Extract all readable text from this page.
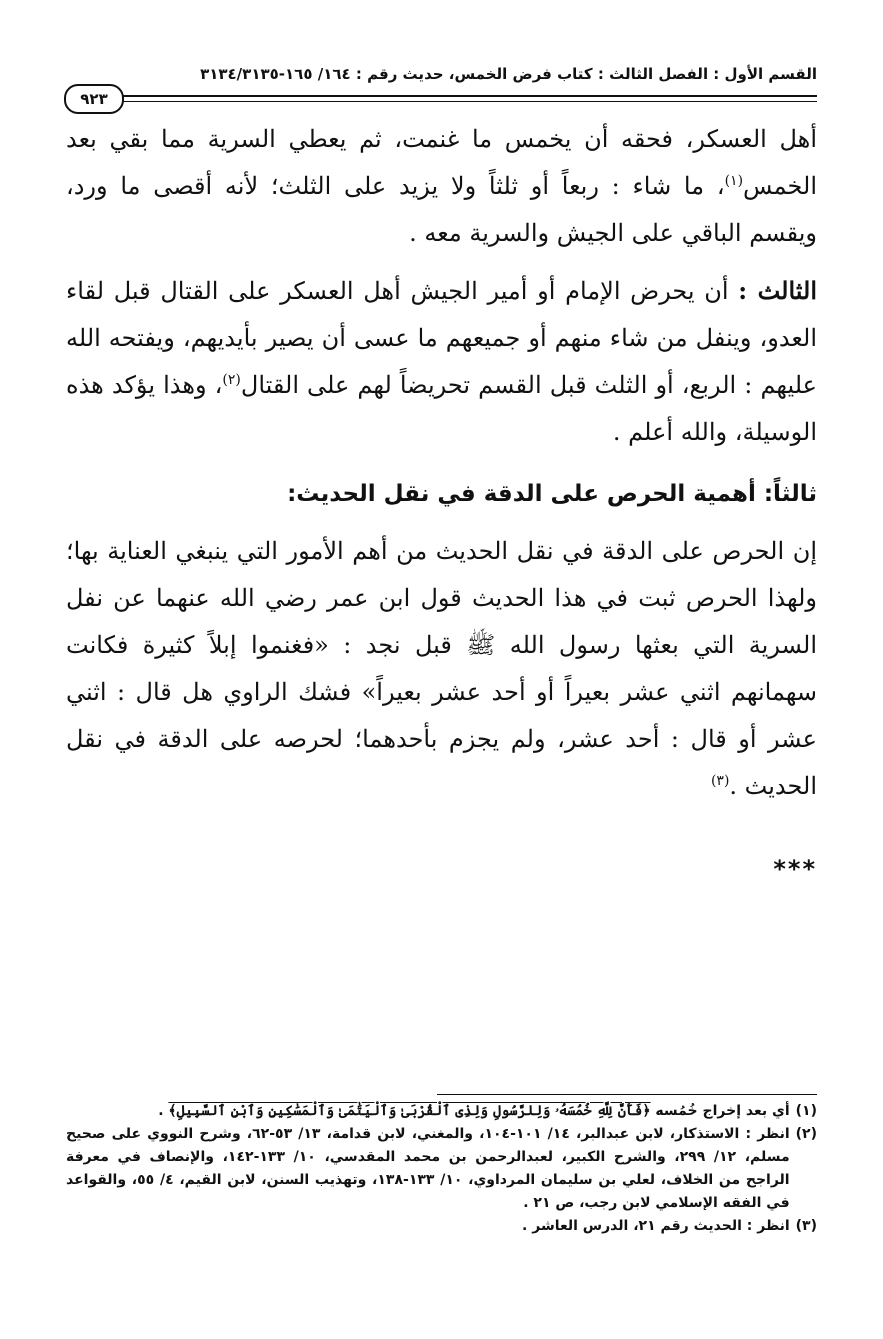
القسم الأول : الفصل الثالث : كتاب فرض الخمس، حديث رقم : ١٦٤/ ١٦٥-٣١٣٤/٣١٣٥
٩٢٣

أهل العسكر، فحقه أن يخمس ما غنمت، ثم يعطي السرية مما بقي بعد الخمس$^{(١)}$، ما شاء : ربعاً أو ثلثاً ولا يزيد على الثلث؛ لأنه أقصى ما ورد، ويقسم الباقي على الجيش والسرية معه .

الثالث : أن يحرض الإمام أو أمير الجيش أهل العسكر على القتال قبل لقاء العدو، وينفل من شاء منهم أو جميعهم ما عسى أن يصير بأيديهم، ويفتحه الله عليهم : الربع، أو الثلث قبل القسم تحريضاً لهم على القتال$^{(٢)}$، وهذا يؤكد هذه الوسيلة، والله أعلم .

ثالثاً: أهمية الحرص على الدقة في نقل الحديث:

إن الحرص على الدقة في نقل الحديث من أهم الأمور التي ينبغي العناية بها؛ ولهذا الحرص ثبت في هذا الحديث قول ابن عمر رضي الله عنهما عن نفل السرية التي بعثها رسول الله ﷺ قبل نجد : «فغنموا إبلاً كثيرة فكانت سهمانهم اثني عشر بعيراً أو أحد عشر بعيراً» فشك الراوي هل قال : اثني عشر أو قال : أحد عشر، ولم يجزم بأحدهما؛ لحرصه على الدقة في نقل الحديث .$^{(٣)}$

***
(١)
أي بعد إخراج خُمُسه ﴿فَأَنَّ لِلَّهِ خُمُسَهُۥ وَلِلرَّسُولِ وَلِذِى ٱلْقُرْبَىٰ وَٱلْيَتَٰمَىٰ وَٱلْمَسَٰكِينِ وَٱبْنِ ٱلسَّبِيلِ﴾ .
(٢)
انظر : الاستذكار، لابن عبدالبر، ١٤/ ١٠١-١٠٤، والمغني، لابن قدامة، ١٣/ ٥٣-٦٢، وشرح النووي على صحيح مسلم، ١٢/ ٢٩٩، والشرح الكبير، لعبدالرحمن بن محمد المقدسي، ١٠/ ١٣٣-١٤٢، والإنصاف في معرفة الراجح من الخلاف، لعلي بن سليمان المرداوي، ١٠/ ١٣٣-١٣٨، وتهذيب السنن، لابن القيم، ٤/ ٥٥، والقواعد في الفقه الإسلامي لابن رجب، ص ٢١ .
(٣)
انظر : الحديث رقم ٢١، الدرس العاشر .
